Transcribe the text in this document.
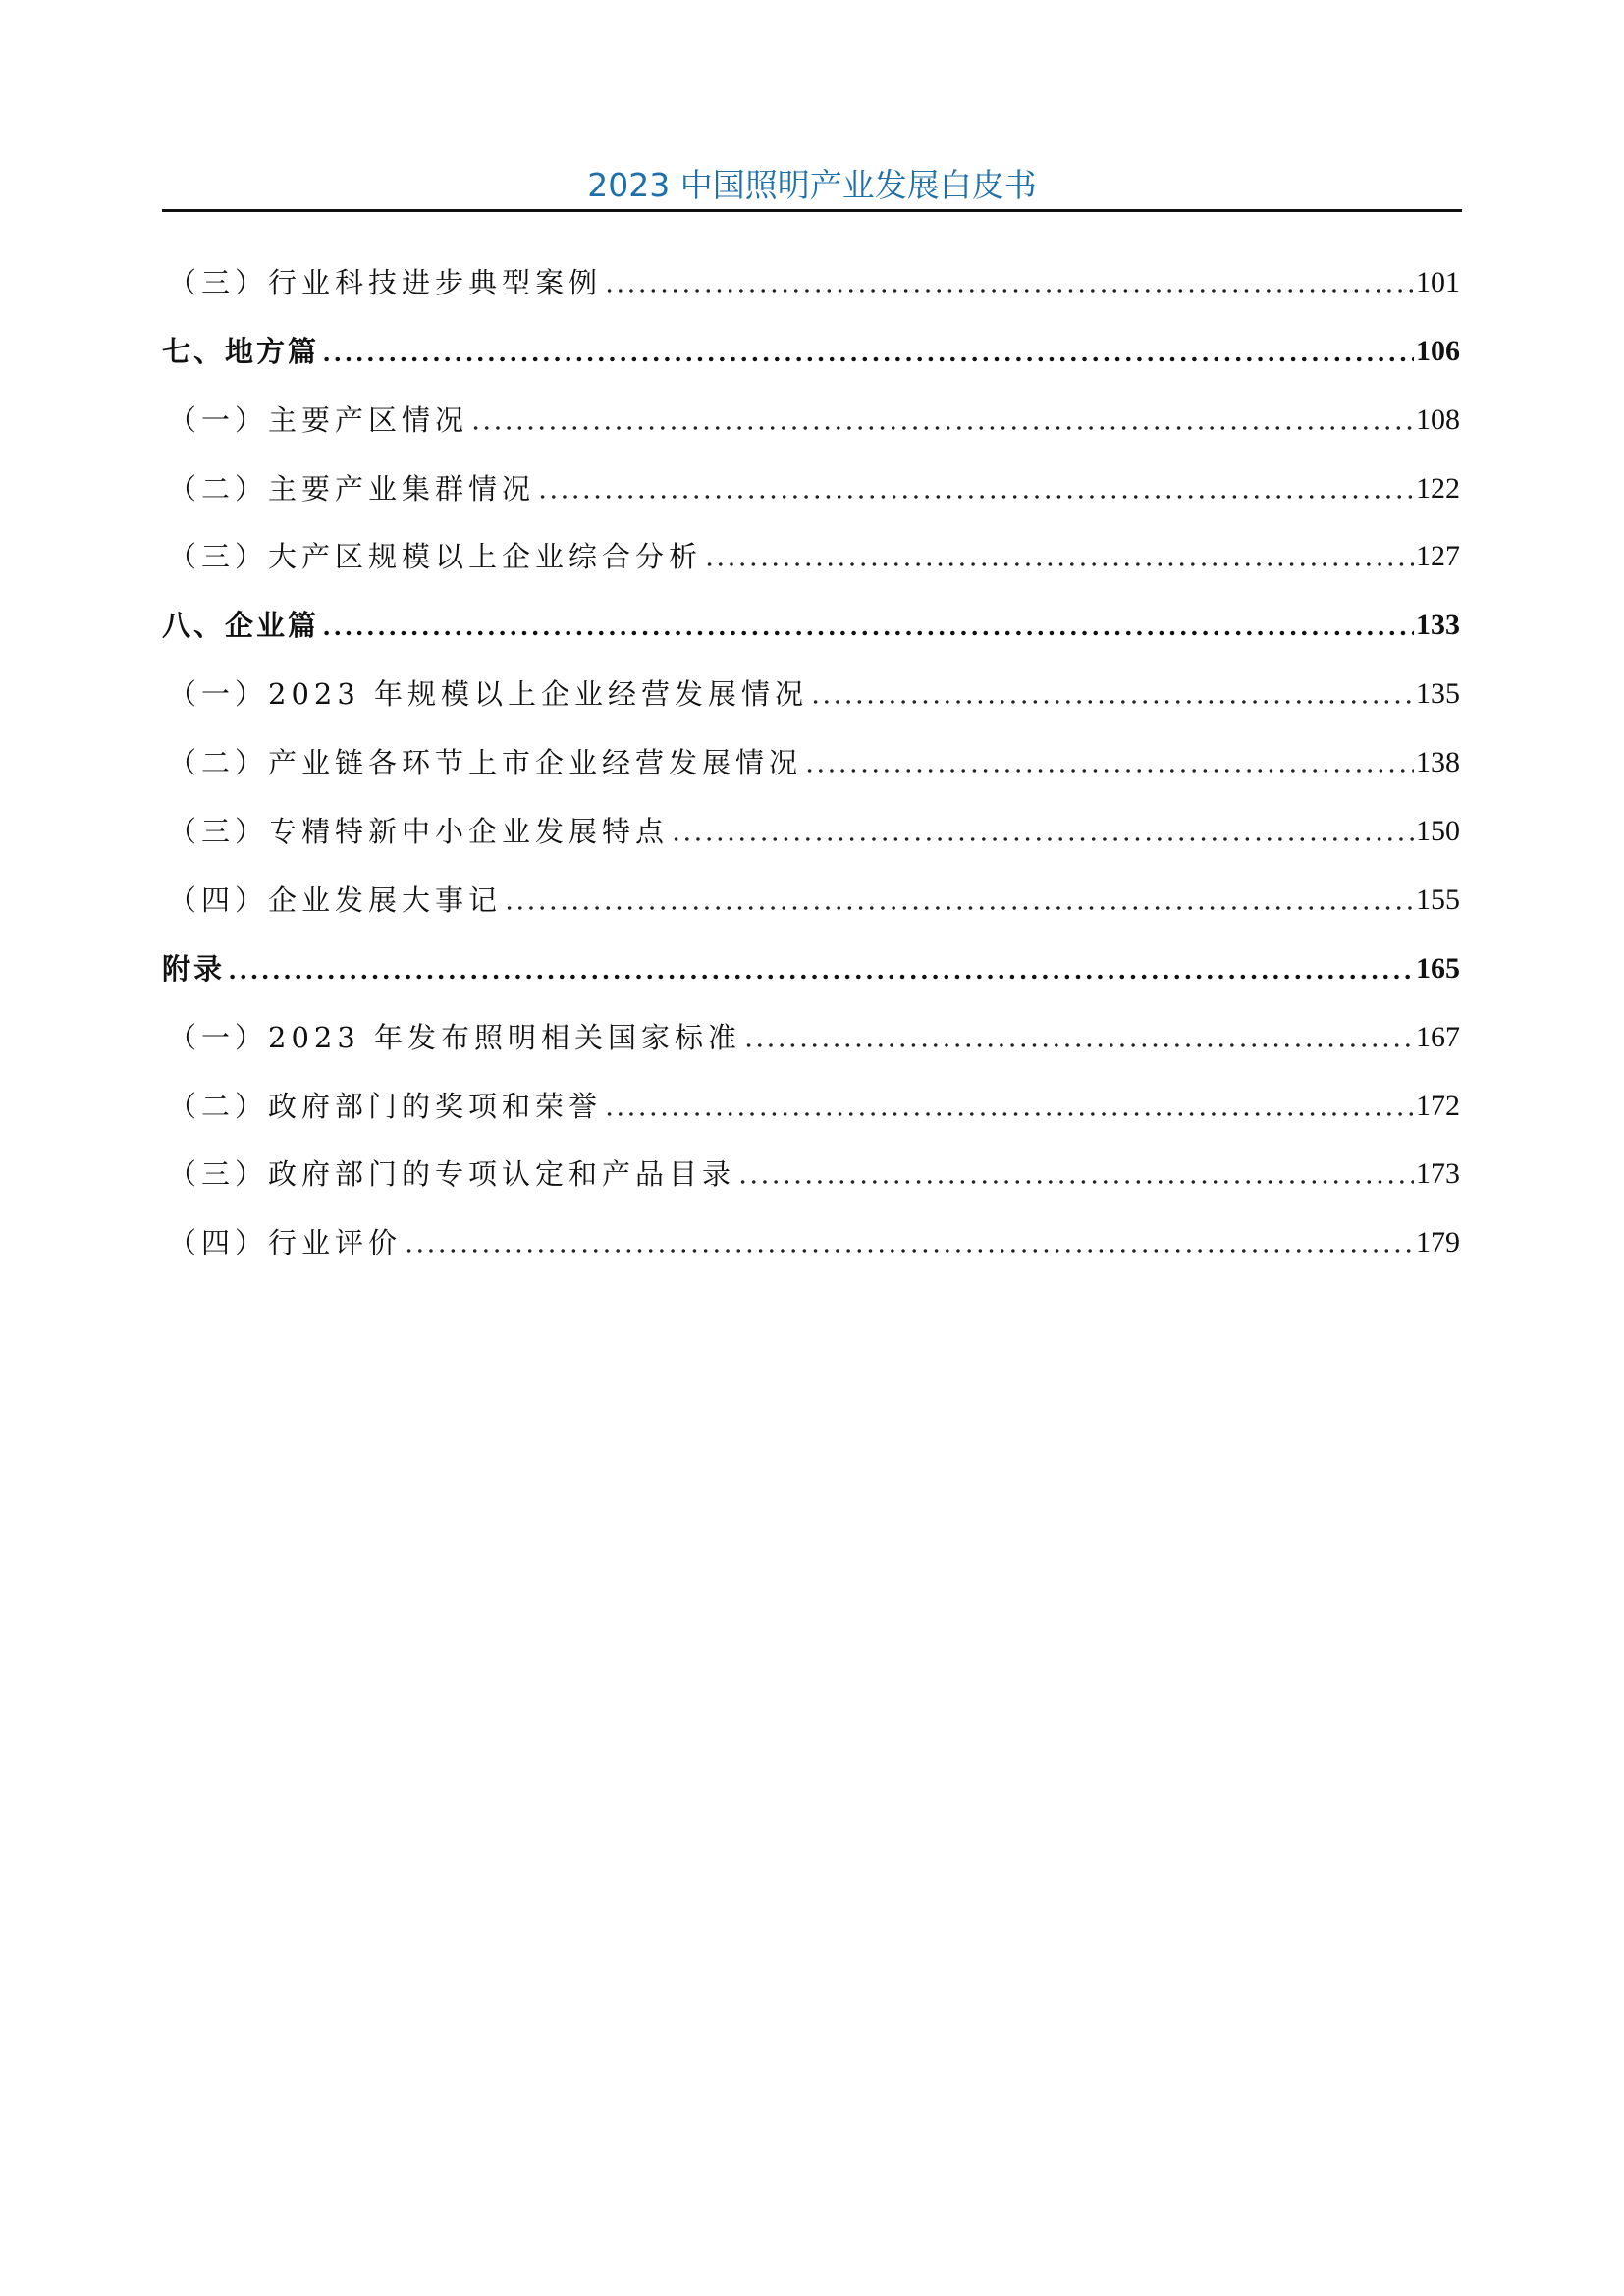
2023 中国照明产业发展白皮书
（三）行业科技进步典型案例	101
七、地方篇	106
（一）主要产区情况	108
（二）主要产业集群情况	122
（三）大产区规模以上企业综合分析	127
八、企业篇	133
（一）2023 年规模以上企业经营发展情况	135
（二）产业链各环节上市企业经营发展情况	138
（三）专精特新中小企业发展特点	150
（四）企业发展大事记	155
附录	165
（一）2023 年发布照明相关国家标准	167
（二）政府部门的奖项和荣誉	172
（三）政府部门的专项认定和产品目录	173
（四）行业评价	179
